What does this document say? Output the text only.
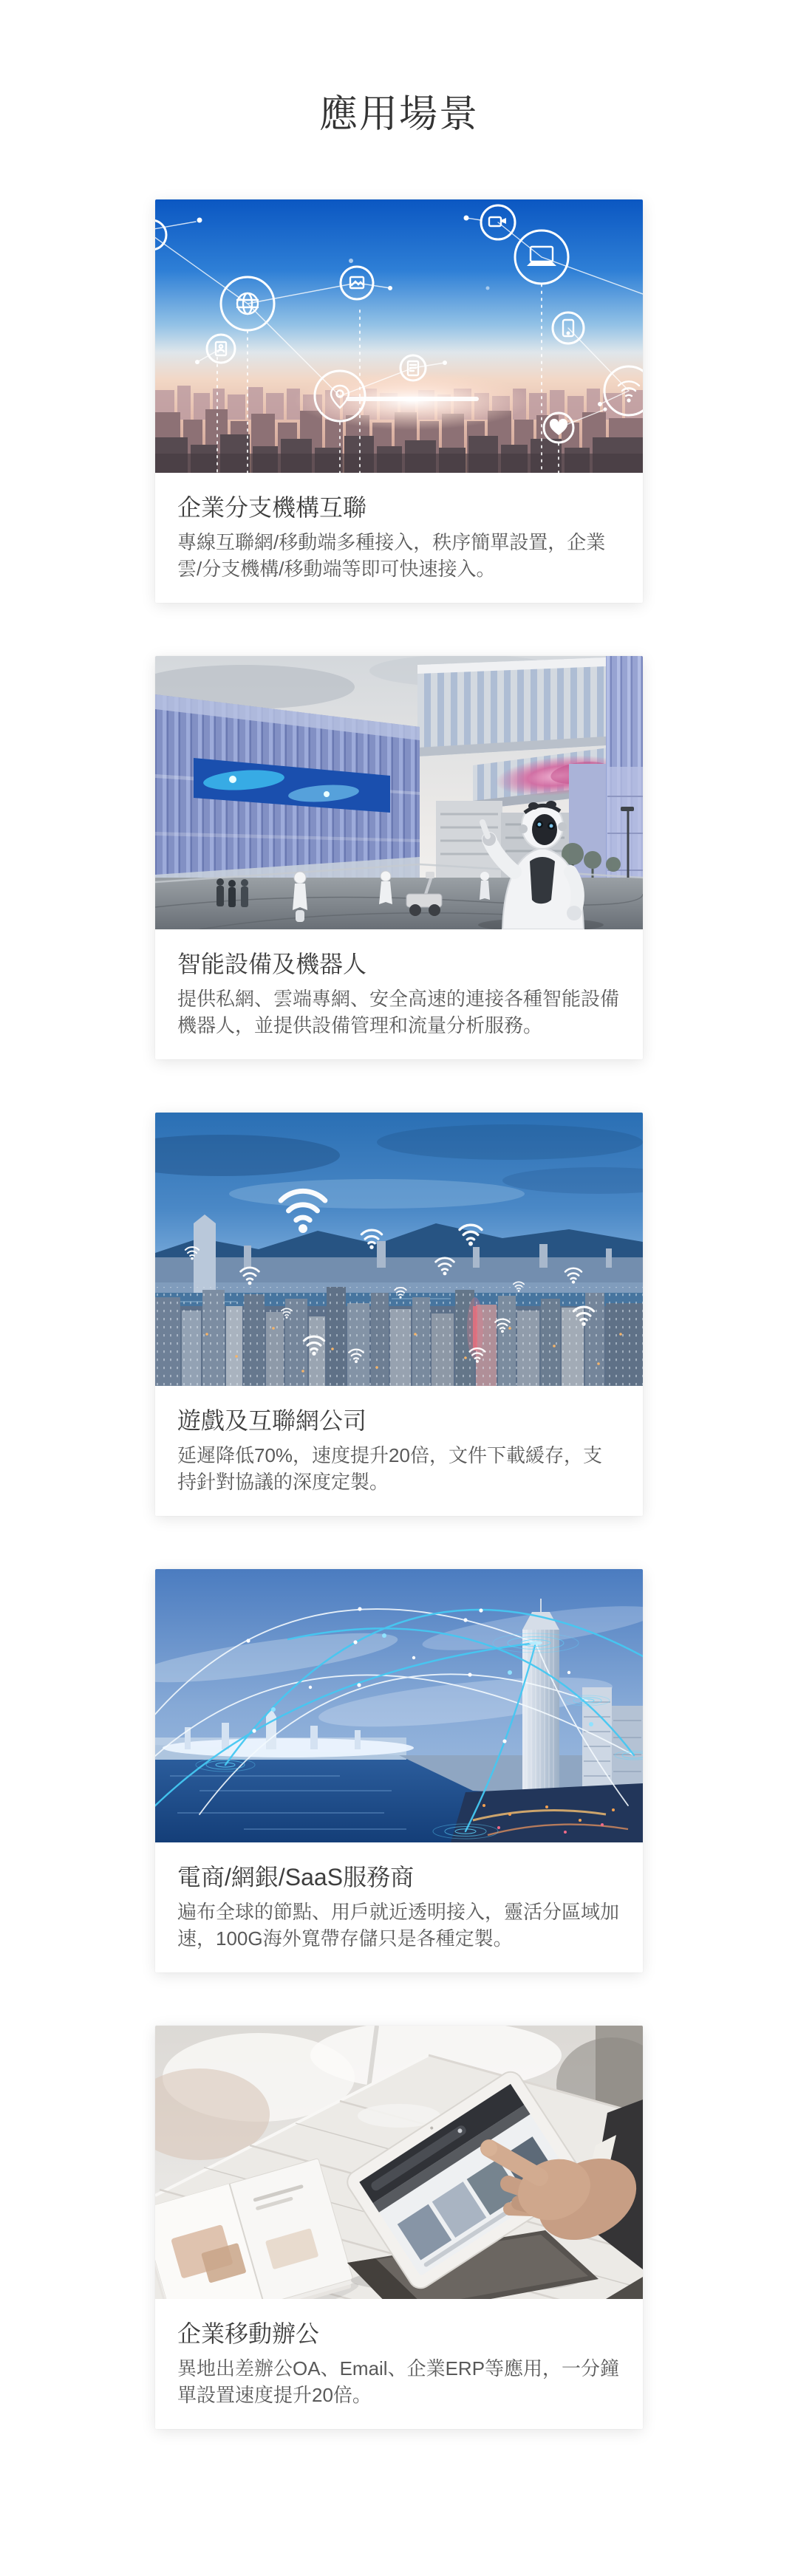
應用場景
企業分支機構互聯

專線互聯網/移動端多種接入，秩序簡單設置，企業雲/分支機構/移動端等即可快速接入。

智能設備及機器人

提供私網、雲端專網、安全高速的連接各種智能設備機器人，並提供設備管理和流量分析服務。

遊戲及互聯網公司

延遲降低70%，速度提升20倍，文件下載緩存，支持針對協議的深度定製。

電商/網銀/SaaS服務商

遍布全球的節點、用戶就近透明接入，靈活分區域加速，100G海外寬帶存儲只是各種定製。

企業移動辦公

異地出差辦公OA、Email、企業ERP等應用，一分鐘單設置速度提升20倍。
